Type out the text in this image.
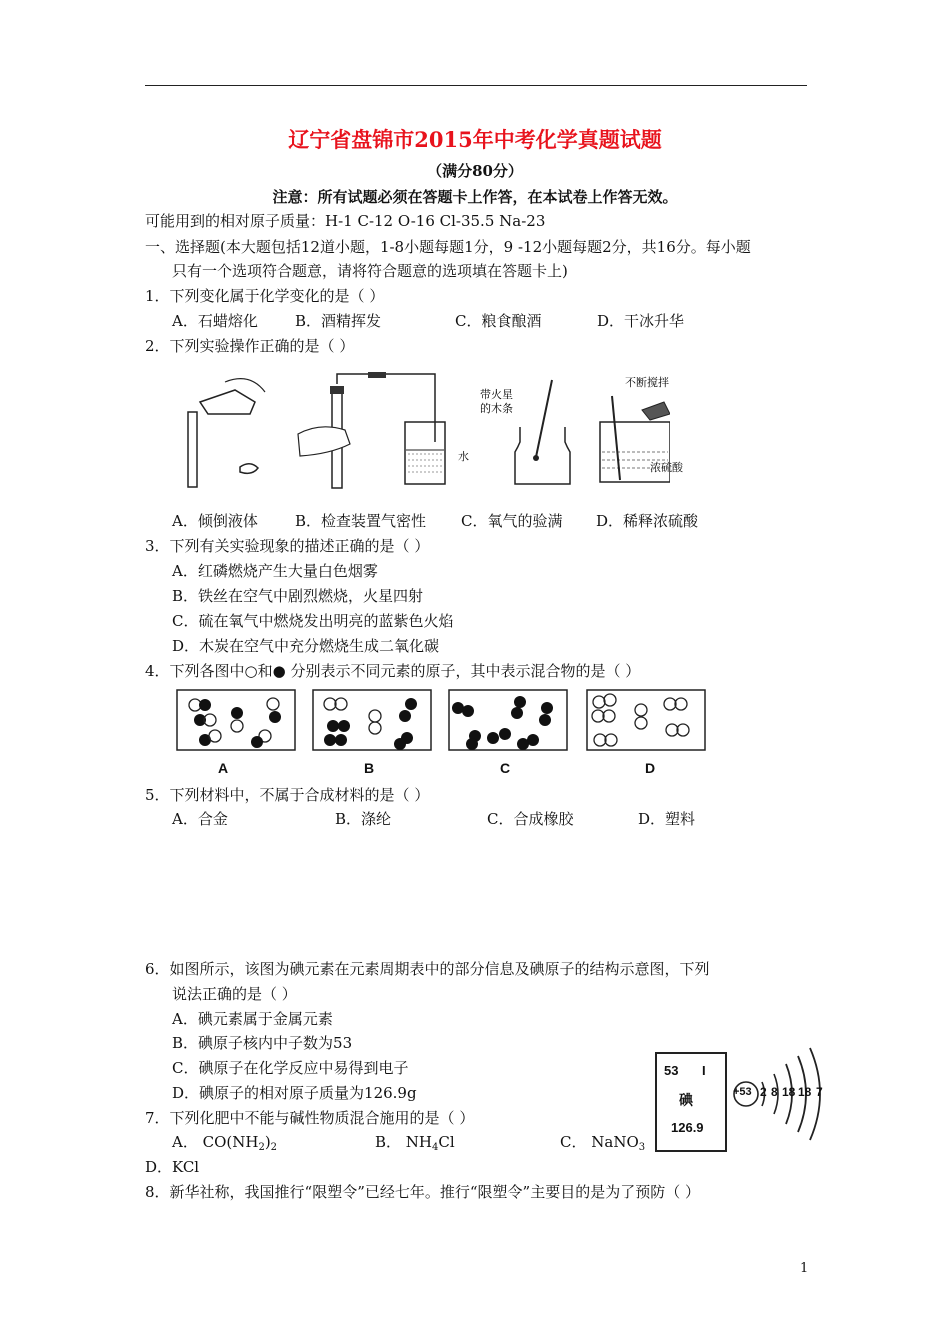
辽宁省盘锦市2015年中考化学真题试题
（满分80分）
注意：所有试题必须在答题卡上作答，在本试卷上作答无效。
可能用到的相对原子质量：H-1 C-12 O-16 Cl-35.5 Na-23
一、选择题(本大题包括12道小题，1-8小题每题1分，9 -12小题每题2分，共16分。每小题
只有一个选项符合题意，请将符合题意的选项填在答题卡上)
1．下列变化属于化学变化的是（ ）
A．石蜡熔化 B．酒精挥发	C．粮食酿酒	D．干冰升华
2．下列实验操作正确的是（ ）
带火星
的木条
不断搅拌
水
浓硫酸
A．倾倒液体 B．检查装置气密性 C．氧气的验满 D．稀释浓硫酸
3．下列有关实验现象的描述正确的是（ ）
A．红磷燃烧产生大量白色烟雾
B．铁丝在空气中剧烈燃烧，火星四射
C．硫在氧气中燃烧发出明亮的蓝紫色火焰
D．木炭在空气中充分燃烧生成二氧化碳
4．下列各图中○和● 分别表示不同元素的原子，其中表示混合物的是（ ）
A	B	C	D
5．下列材料中，不属于合成材料的是（ ）
A．合金	B．涤纶	C．合成橡胶	D．塑料
6．如图所示，该图为碘元素在元素周期表中的部分信息及碘原子的结构示意图，下列
说法正确的是（ ）
A．碘元素属于金属元素
B．碘原子核内中子数为53
C．碘原子在化学反应中易得到电子
D．碘原子的相对原子质量为126.9g
53 I
碘
126.9
+53 2 8 18 18 7
7．下列化肥中不能与碱性物质混合施用的是（ ）
A． $CO(NH_2)_2$	B． $NH_4Cl$	C． NaNO$_3$
D．KCl
8．新华社称，我国推行“限塑令”已经七年。推行“限塑令”主要目的是为了预防（ ）
1
